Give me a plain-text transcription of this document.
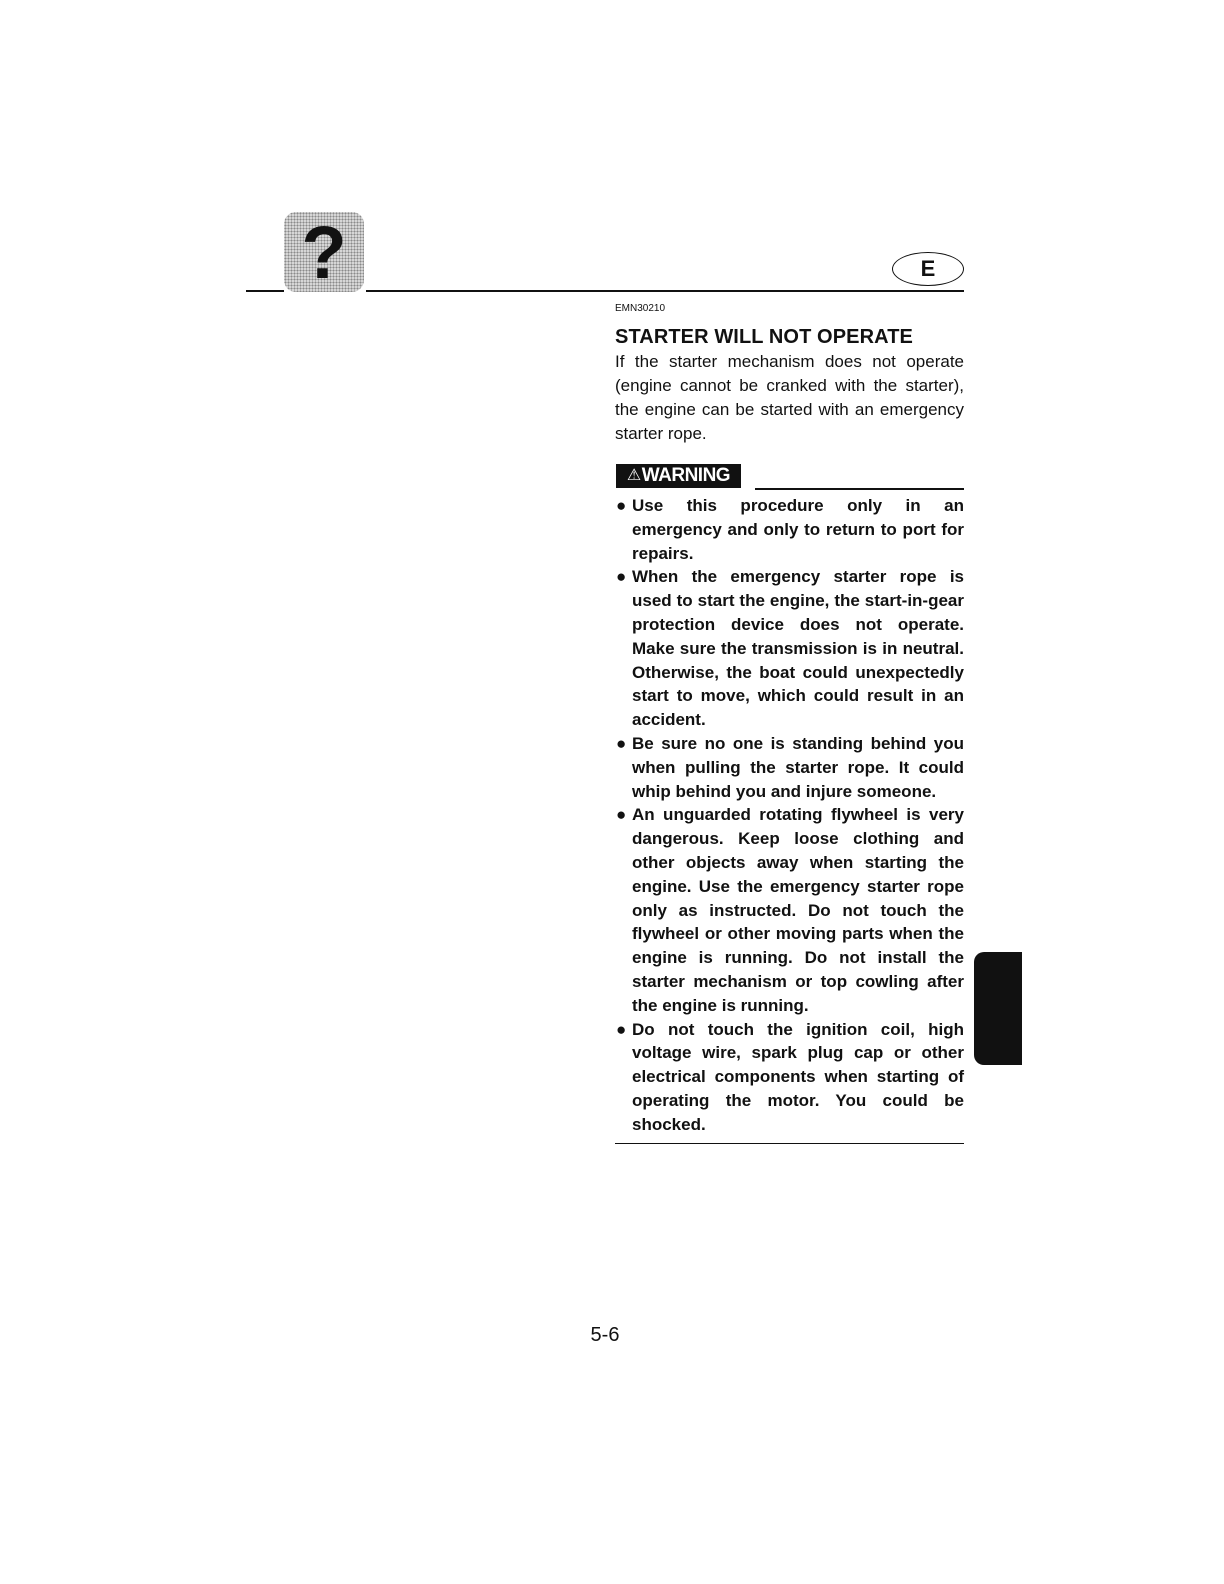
?	E

EMN30210

STARTER WILL NOT OPERATE

If the starter mechanism does not operate (engine cannot be cranked with the starter), the engine can be started with an emergency starter rope.

⚠ WARNING
● Use this procedure only in an emergency and only to return to port for repairs.
● When the emergency starter rope is used to start the engine, the start-in-gear protection device does not operate. Make sure the transmission is in neutral. Otherwise, the boat could unexpectedly start to move, which could result in an accident.
● Be sure no one is standing behind you when pulling the starter rope. It could whip behind you and injure someone.
● An unguarded rotating flywheel is very dangerous. Keep loose clothing and other objects away when starting the engine. Use the emergency starter rope only as instructed. Do not touch the flywheel or other moving parts when the engine is running. Do not install the starter mechanism or top cowling after the engine is running.
● Do not touch the ignition coil, high voltage wire, spark plug cap or other electrical components when starting of operating the motor. You could be shocked.
5-6
